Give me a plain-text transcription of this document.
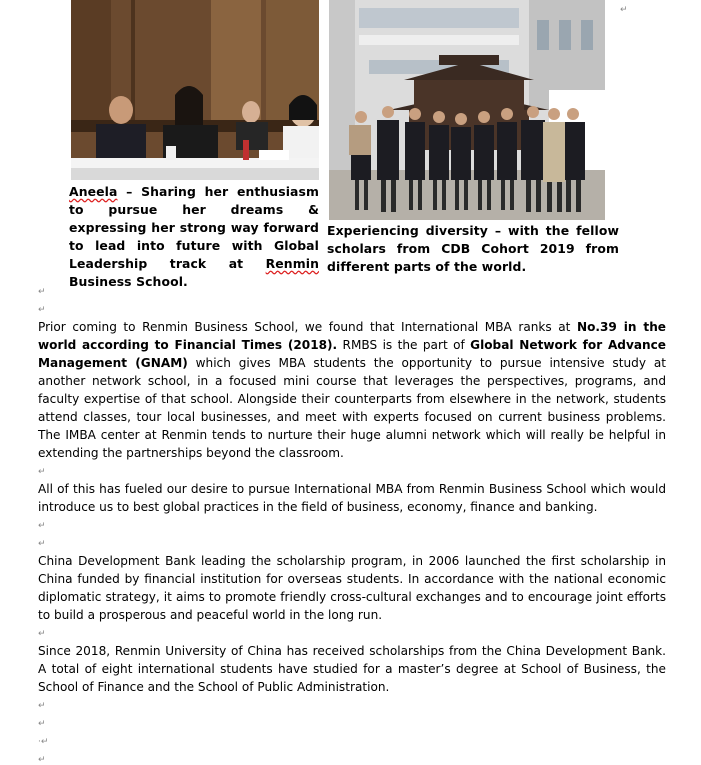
Aneela – Sharing her enthusiasm to pursue her dreams & expressing her strong way forward to lead into future with Global Leadership track at Renmin Business School.
Experiencing diversity – with the fellow scholars from CDB Cohort 2019 from different parts of the world.

Prior coming to Renmin Business School, we found that International MBA ranks at No.39 in the world according to Financial Times (2018). RMBS is the part of Global Network for Advance Management (GNAM) which gives MBA students the opportunity to pursue intensive study at another network school, in a focused mini course that leverages the perspectives, programs, and faculty expertise of that school. Alongside their counterparts from elsewhere in the network, students attend classes, tour local businesses, and meet with experts focused on current business problems. The IMBA center at Renmin tends to nurture their huge alumni network which will really be helpful in extending the partnerships beyond the classroom.

All of this has fueled our desire to pursue International MBA from Renmin Business School which would introduce us to best global practices in the field of business, economy, finance and banking.

China Development Bank leading the scholarship program, in 2006 launched the first scholarship in China funded by financial institution for overseas students. In accordance with the national economic diplomatic strategy, it aims to promote friendly cross-cultural exchanges and to encourage joint efforts to build a prosperous and peaceful world in the long run.

Since 2018, Renmin University of China has received scholarships from the China Development Bank. A total of eight international students have studied for a master’s degree at School of Business, the School of Finance and the School of Public Administration.

↵
↵
↵
↵
↵
↵
↵
↵
↵
·↵
↵
